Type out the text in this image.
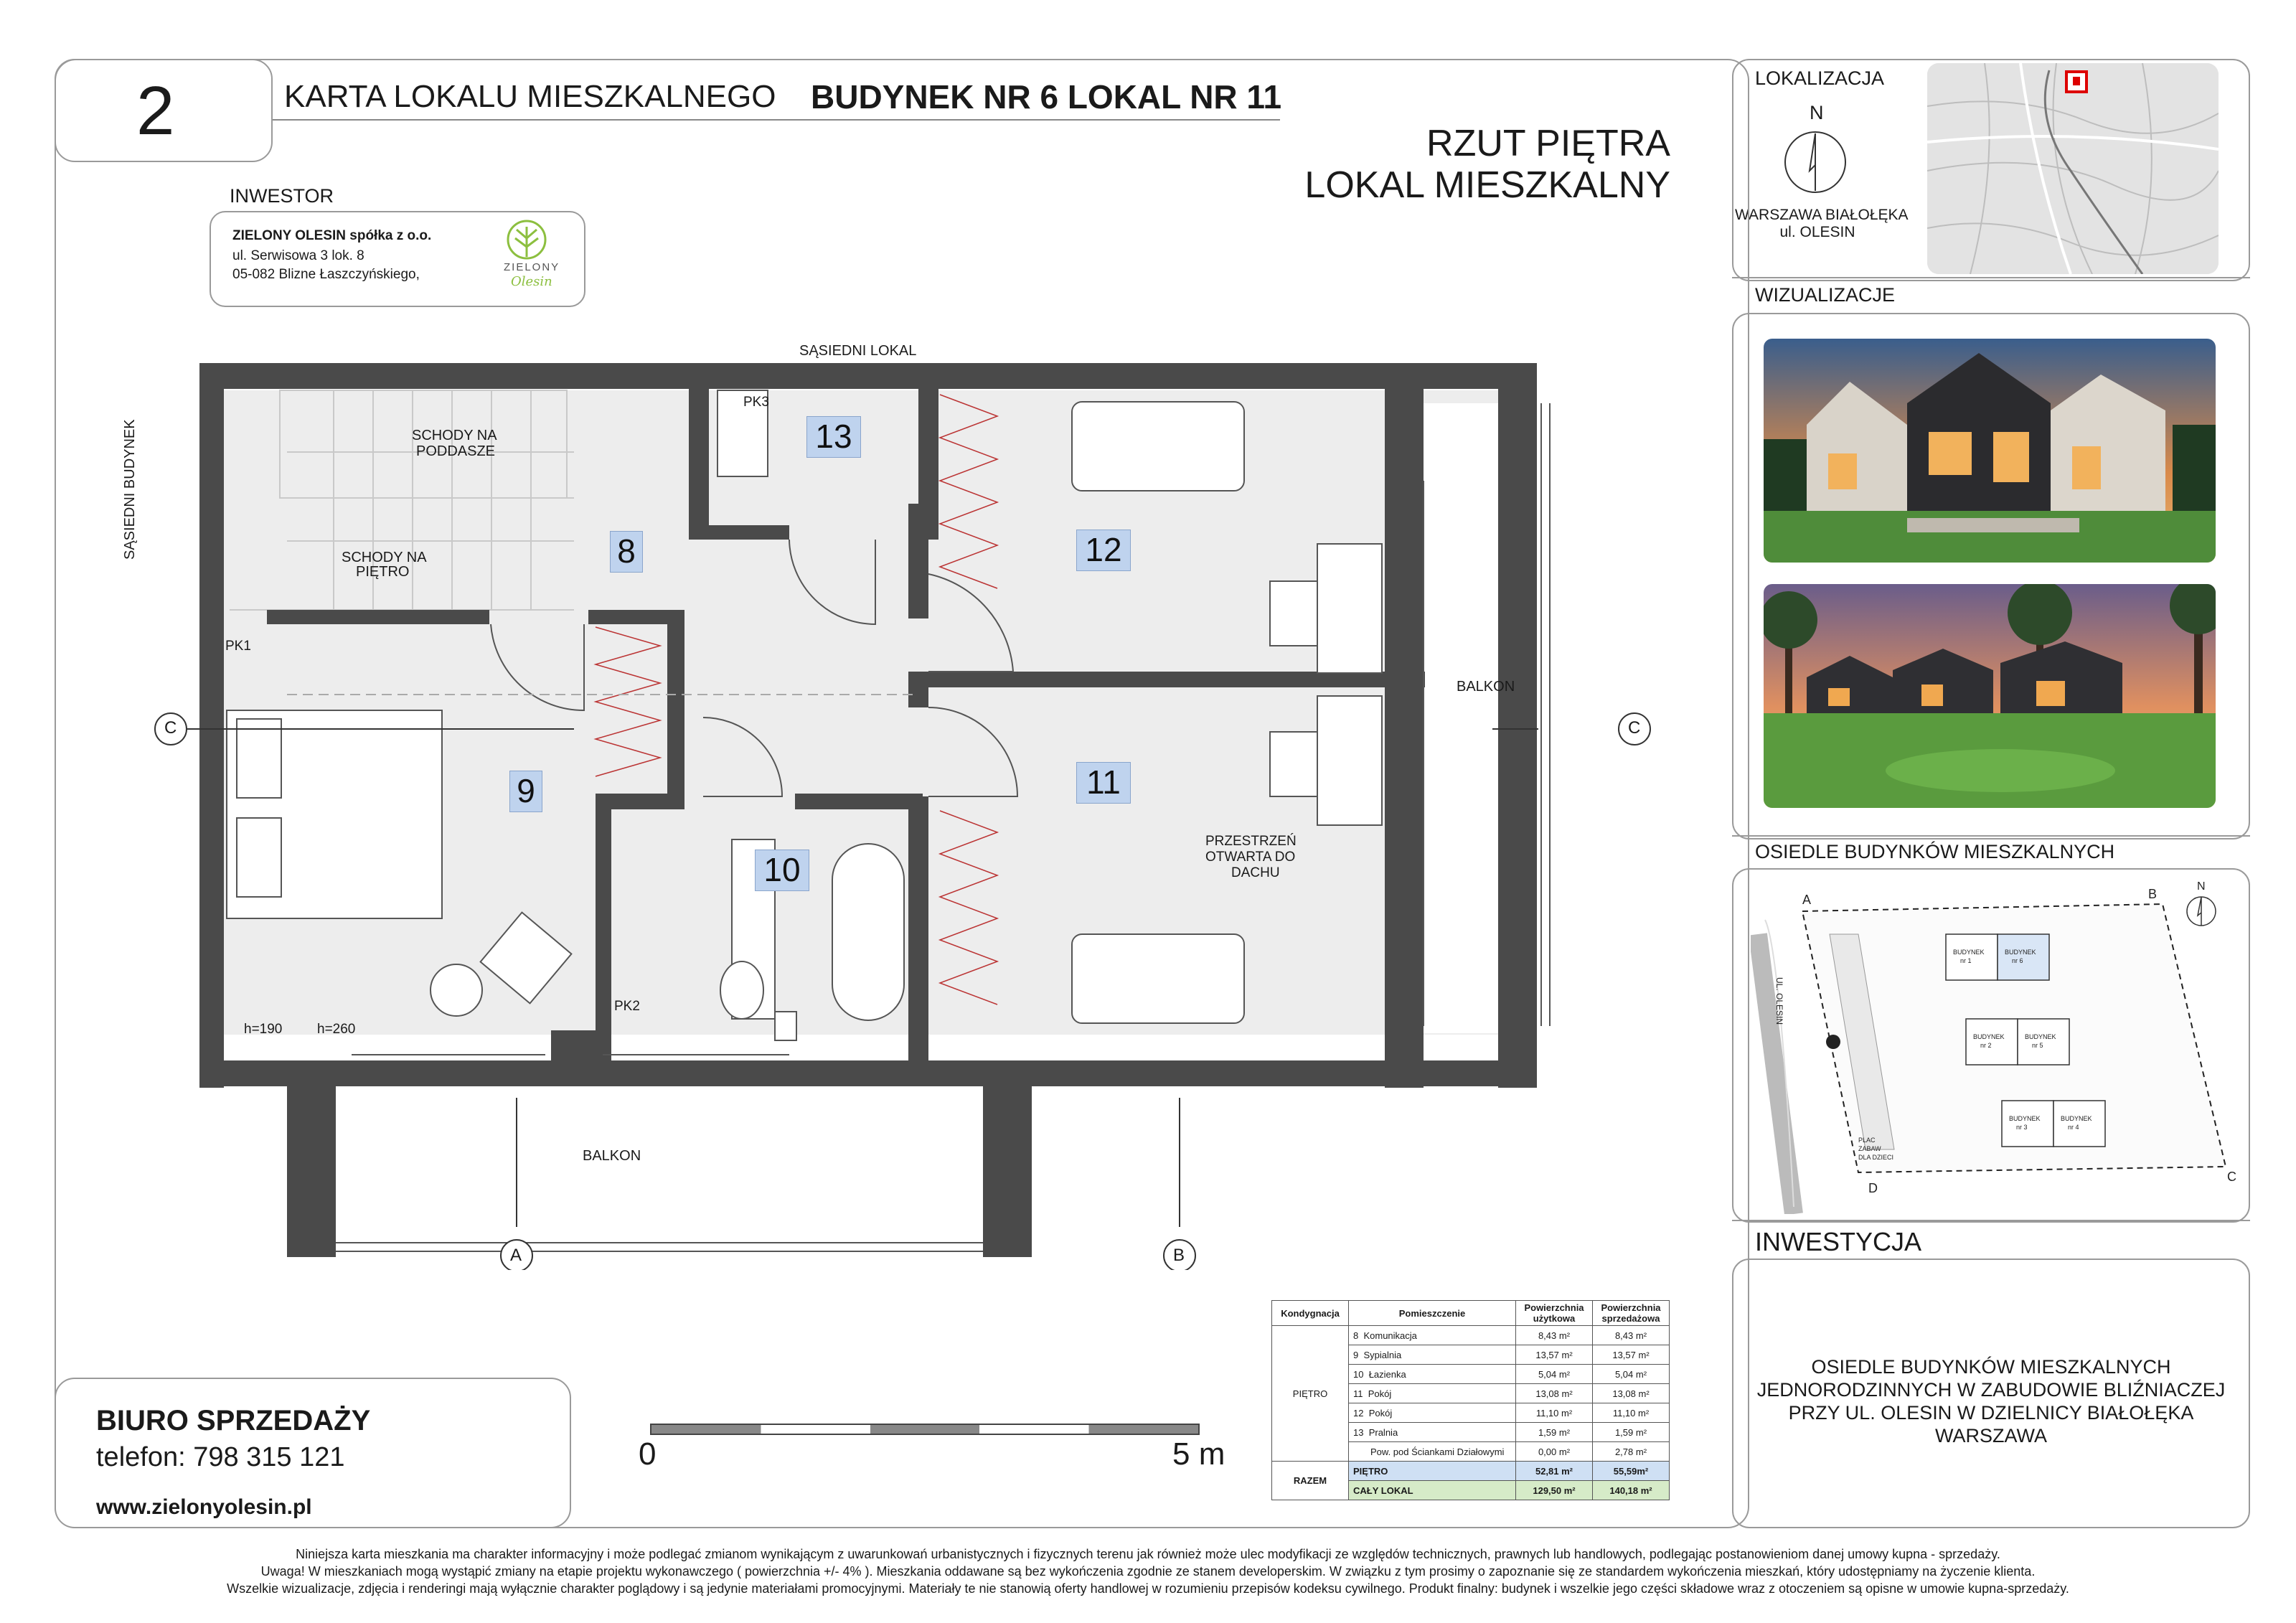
2	KARTA LOKALU MIESZKALNEGO BUDYNEK NR 6 LOKAL NR 11
RZUT PIĘTRA
LOKAL MIESZKALNY
INWESTOR
ZIELONY OLESIN spółka z o.o.
ul. Serwisowa 3 lok. 8
05-082 Blizne Łaszczyńskiego,	ZIELONY
Olesin
LOKALIZACJA
N
WARSZAWA BIAŁOŁĘKA
ul. OLESIN
WIZUALIZACJE
OSIEDLE BUDYNKÓW MIESZKALNYCH
BUDYNEK
nr 1
BUDYNEK
nr 6
BUDYNEK
nr 2
BUDYNEK
nr 5
BUDYNEK
nr 3
BUDYNEK
nr 4
PLAC
ZABAW
DLA DZIECI
A	B
C
D
UL. OLESIN
N
INWESTYCJA
OSIEDLE BUDYNKÓW MIESZKALNYCH
JEDNORODZINNYCH W ZABUDOWIE BLIŹNIACZEJ
PRZY UL. OLESIN W DZIELNICY BIAŁOŁĘKA
WARSZAWA
SĄSIEDNI LOKAL
SĄSIEDNI BUDYNEK	SCHODY NA
PODDASZE
SCHODY NA
PIĘTRO
PRZESTRZEŃ
OTWARTA DO
DACHU
BALKON
BALKON
PK1
PK2
PK3
h=190	h=260
C	C
A	B
8
9
10
11
12
13
0	5 m
BIURO SPRZEDAŻY
telefon: 798 315 121
www.zielonyolesin.pl
Kondygnacja	Pomieszczenie	Powierzchnia użytkowa	Powierzchnia sprzedażowa
PIĘTRO	8 Komunikacja	8,43 m²	8,43 m²
	9 Sypialnia	13,57 m²	13,57 m²
	10 Łazienka	5,04 m²	5,04 m²
	11 Pokój	13,08 m²	13,08 m²
	12 Pokój	11,10 m²	11,10 m²
	13 Pralnia	1,59 m²	1,59 m²
	Pow. pod Ściankami Działowymi	0,00 m²	2,78 m²
RAZEM	PIĘTRO	52,81 m²	55,59m²
	CAŁY LOKAL	129,50 m²	140,18 m²
Niniejsza karta mieszkania ma charakter informacyjny i może podlegać zmianom wynikającym z uwarunkowań urbanistycznych i fizycznych terenu jak również może ulec modyfikacji ze względów technicznych, prawnych lub handlowych, podlegając postanowieniom danej umowy kupna - sprzedaży.
Uwaga! W mieszkaniach mogą wystąpić zmiany na etapie projektu wykonawczego ( powierzchnia +/- 4% ). Mieszkania oddawane są bez wykończenia zgodnie ze stanem developerskim. W związku z tym prosimy o zapoznanie się ze standardem wykończenia mieszkań, który udostępniamy na życzenie klienta.
Wszelkie wizualizacje, zdjęcia i renderingi mają wyłącznie charakter poglądowy i są jedynie materiałami promocyjnymi. Materiały te nie stanowią oferty handlowej w rozumieniu przepisów kodeksu cywilnego. Produkt finalny: budynek i wszelkie jego części składowe wraz z otoczeniem są opisne w umowie kupna-sprzedaży.
